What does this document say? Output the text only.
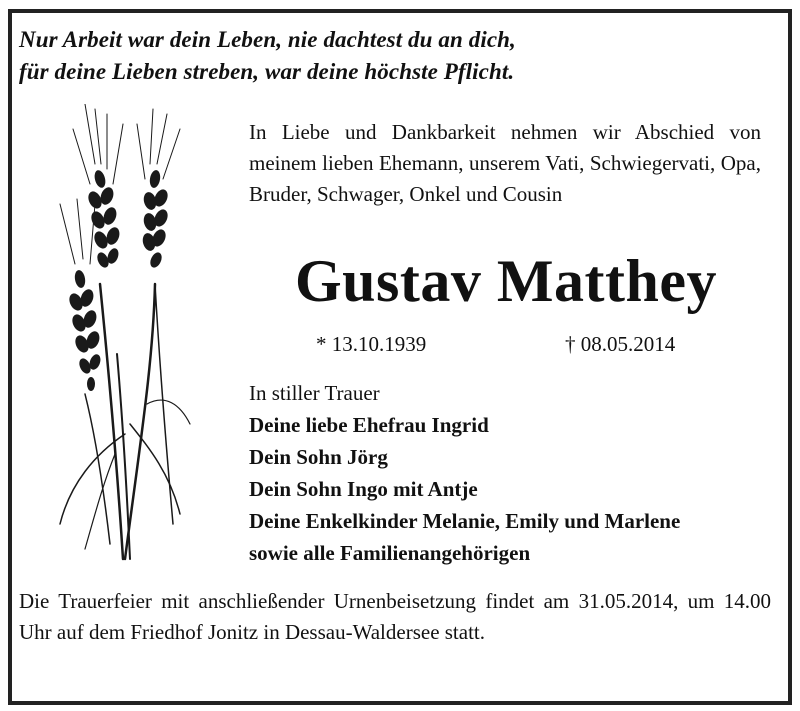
Nur Arbeit war dein Leben, nie dachtest du an dich,
für deine Lieben streben, war deine höchste Pflicht.
In Liebe und Dankbarkeit nehmen wir Abschied von meinem lieben Ehemann, unserem Vati, Schwiegervati, Opa, Bruder, Schwager, Onkel und Cousin
Gustav Matthey
* 13.10.1939	† 08.05.2014
In stiller Trauer
Deine liebe Ehefrau Ingrid
Dein Sohn Jörg
Dein Sohn Ingo mit Antje
Deine Enkelkinder Melanie, Emily und Marlene
sowie alle Familienangehörigen
Die Trauerfeier mit anschließender Urnenbeisetzung findet am 31.05.2014, um 14.00 Uhr auf dem Friedhof Jonitz in Dessau-Waldersee statt.
